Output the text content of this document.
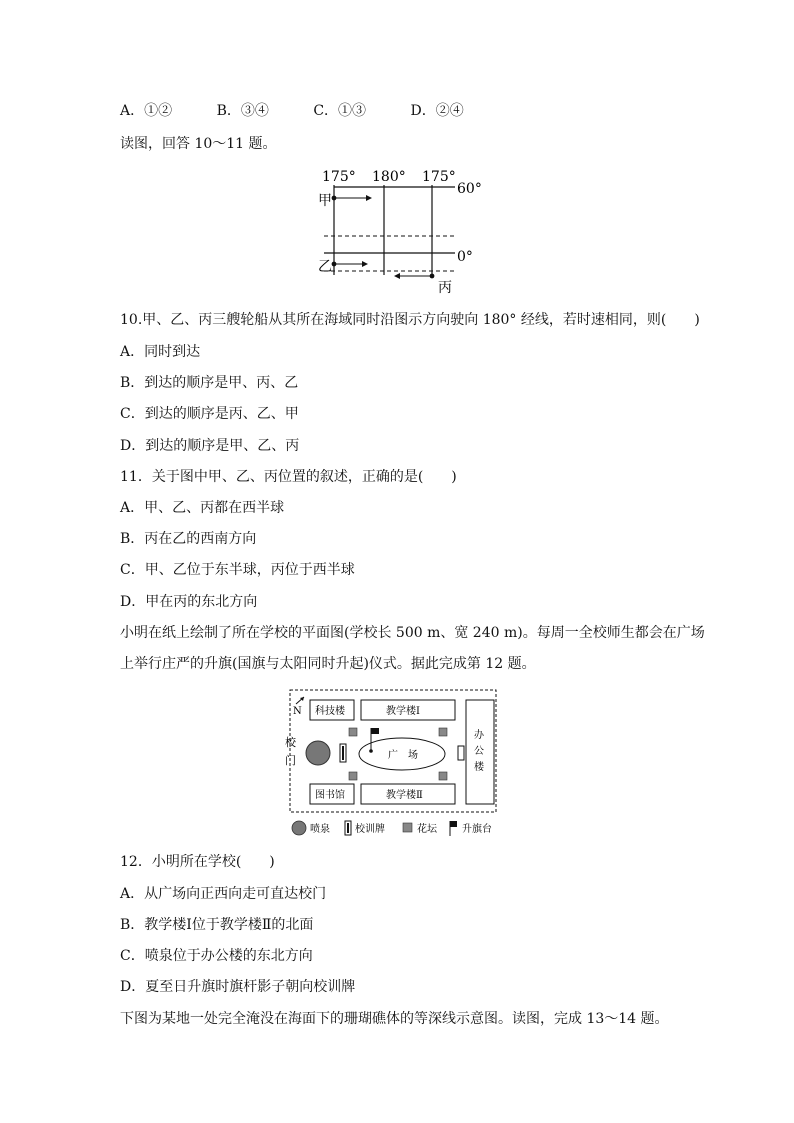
A．①②	B．③④	C．①③	D．②④
读图，回答 10～11 题。
175° 180° 175°
60°
0°
甲
乙
丙
10.甲、乙、丙三艘轮船从其所在海域同时沿图示方向驶向 180° 经线，若时速相同，则(　　)
A．同时到达
B．到达的顺序是甲、丙、乙
C．到达的顺序是丙、乙、甲
D．到达的顺序是甲、乙、丙
11．关于图中甲、乙、丙位置的叙述，正确的是(　　)
A．甲、乙、丙都在西半球
B．丙在乙的西南方向
C．甲、乙位于东半球，丙位于西半球
D．甲在丙的东北方向
小明在纸上绘制了所在学校的平面图(学校长 500 m、宽 240 m)。每周一全校师生都会在广场
上举行庄严的升旗(国旗与太阳同时升起)仪式。据此完成第 12 题。
N
校
门
科技楼	教学楼Ⅰ
图书馆	教学楼Ⅱ
办
公
楼
广　场
喷泉	校训牌	花坛	升旗台
12．小明所在学校(　　)
A．从广场向正西向走可直达校门
B．教学楼Ⅰ位于教学楼Ⅱ的北面
C．喷泉位于办公楼的东北方向
D．夏至日升旗时旗杆影子朝向校训牌
下图为某地一处完全淹没在海面下的珊瑚礁体的等深线示意图。读图，完成 13～14 题。
